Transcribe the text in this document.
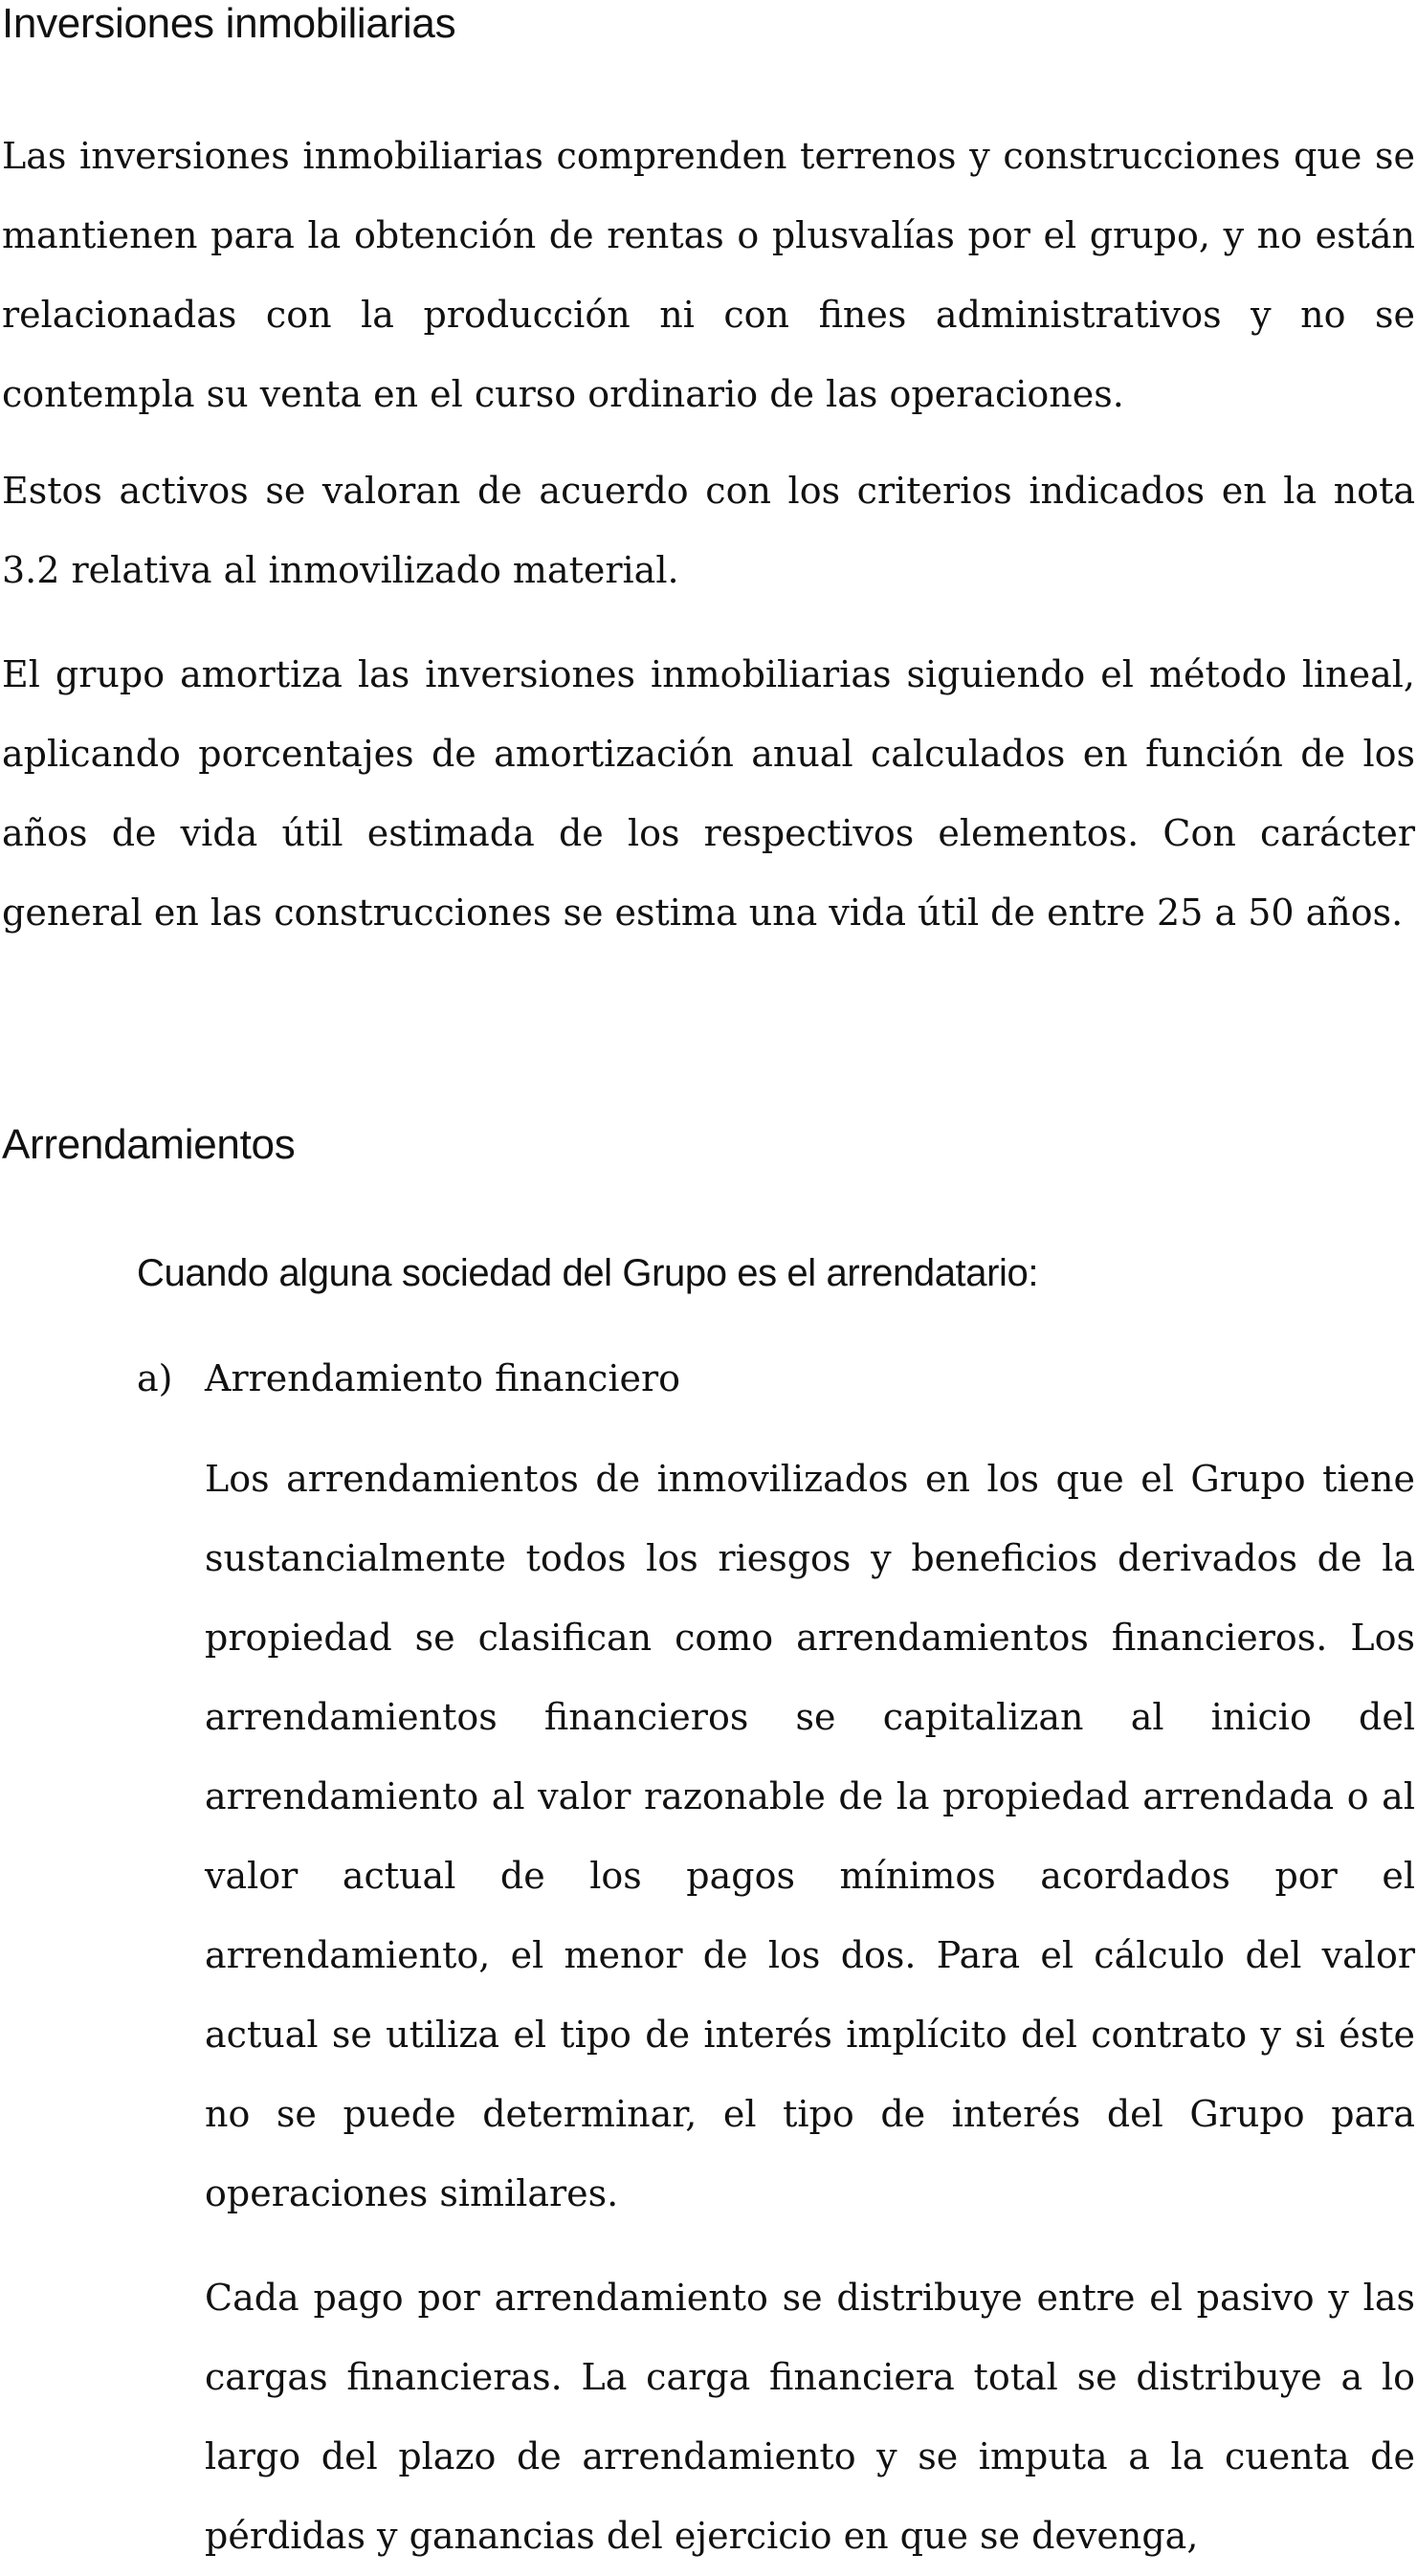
Inversiones inmobiliarias

Las inversiones inmobiliarias comprenden terrenos y construcciones que se mantienen para la obtención de rentas o plusvalías por el grupo, y no están relacionadas con la producción ni con fines administrativos y no se contempla su venta en el curso ordinario de las operaciones.

Estos activos se valoran de acuerdo con los criterios indicados en la nota 3.2 relativa al inmovilizado material.

El grupo amortiza las inversiones inmobiliarias siguiendo el método lineal, aplicando porcentajes de amortización anual calculados en función de los años de vida útil estimada de los respectivos elementos. Con carácter general en las construcciones se estima una vida útil de entre 25 a 50 años.

Arrendamientos
Cuando alguna sociedad del Grupo es el arrendatario:
a) Arrendamiento financiero

Los arrendamientos de inmovilizados en los que el Grupo tiene sustancialmente todos los riesgos y beneficios derivados de la propiedad se clasifican como arrendamientos financieros. Los arrendamientos financieros se capitalizan al inicio del arrendamiento al valor razonable de la propiedad arrendada o al valor actual de los pagos mínimos acordados por el arrendamiento, el menor de los dos. Para el cálculo del valor actual se utiliza el tipo de interés implícito del contrato y si éste no se puede determinar, el tipo de interés del Grupo para operaciones similares.

Cada pago por arrendamiento se distribuye entre el pasivo y las cargas financieras. La carga financiera total se distribuye a lo largo del plazo de arrendamiento y se imputa a la cuenta de pérdidas y ganancias del ejercicio en que se devenga,
